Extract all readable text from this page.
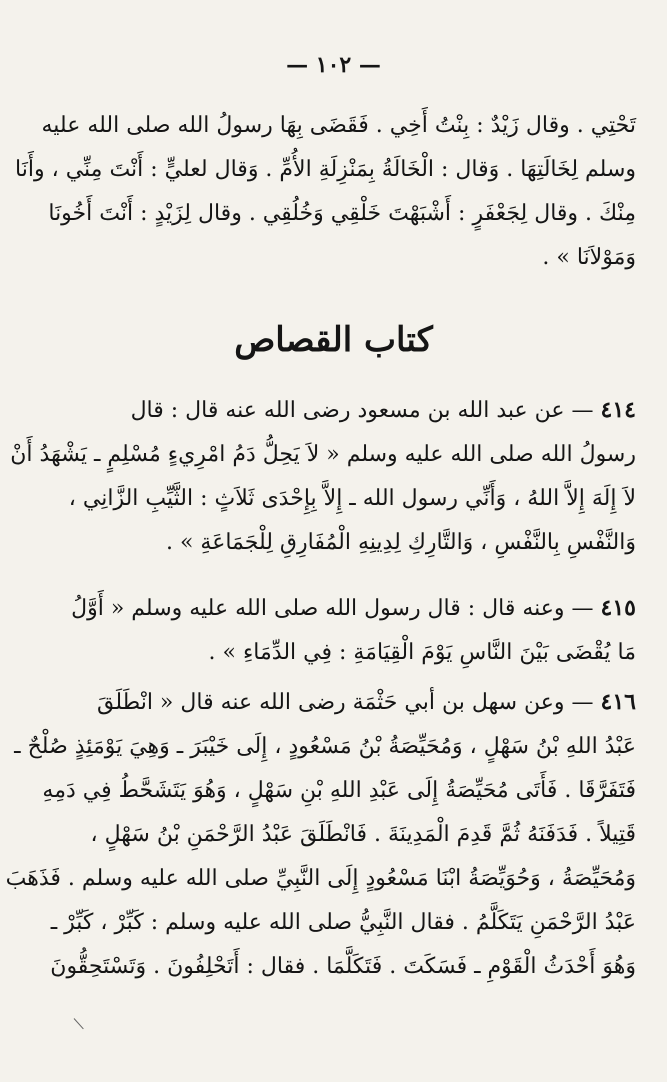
— ١٠٢ —
تَحْتِي . وقال زَيْدٌ : بِنْتُ أَخِي . فَقَضَى بِهَا رسولُ الله صلى الله عليه
وسلم لِخَالَتِهَا . وَقال : الْخَالَةُ بِمَنْزِلَةِ الأُمِّ . وَقال لعليٍّ : أَنْتَ مِنِّي ، وأَنَا
مِنْكَ . وقال لِجَعْفَرٍ : أَشْبَهْتَ خَلْقِي وَخُلُقِي . وقال لِزَيْدٍ : أَنْتَ أَخُونَا
وَمَوْلاَنَا » .
كتاب القصاص
٤١٤ — عن عبد الله بن مسعود رضى الله عنه قال : قال
رسولُ الله صلى الله عليه وسلم « لاَ يَحِلُّ دَمُ امْرِيءٍ مُسْلِمٍ ـ يَشْهَدُ أَنْ
لاَ إِلَهَ إِلاَّ اللهُ ، وَأَنِّي رسول الله ـ إِلاَّ بِإِحْدَى ثَلاَثٍ : الثَّيِّبِ الزَّانِي ،
وَالنَّفْسِ بِالنَّفْسِ ، وَالتَّارِكِ لِدِينِهِ الْمُفَارِقِ لِلْجَمَاعَةِ » .
٤١٥ — وعنه قال : قال رسول الله صلى الله عليه وسلم « أَوَّلُ
مَا يُقْضَى بَيْنَ النَّاسِ يَوْمَ الْقِيَامَةِ : فِي الدِّمَاءِ » .
٤١٦ — وعن سهل بن أبي حَثْمَة رضى الله عنه قال « انْطَلَقَ
عَبْدُ اللهِ بْنُ سَهْلٍ ، وَمُحَيِّصَةُ بْنُ مَسْعُودٍ ، إِلَى خَيْبَرَ ـ وَهِيَ يَوْمَئِذٍ صُلْحٌ ـ
فَتَفَرَّقَا . فَأَتَى مُحَيِّصَةُ إِلَى عَبْدِ اللهِ بْنِ سَهْلٍ ، وَهُوَ يَتَشَحَّطُ فِي دَمِهِ
قَتِيلاً . فَدَفَنَهُ ثُمَّ قَدِمَ الْمَدِينَةَ . فَانْطَلَقَ عَبْدُ الرَّحْمَنِ بْنُ سَهْلٍ ،
وَمُحَيِّصَةُ ، وَحُوَيِّصَةُ ابْنَا مَسْعُودٍ إِلَى النَّبِيِّ صلى الله عليه وسلم . فَذَهَبَ
عَبْدُ الرَّحْمَنِ يَتَكَلَّمُ . فقال النَّبِيُّ صلى الله عليه وسلم : كَبِّرْ ، كَبِّرْ ـ
وَهُوَ أَحْدَثُ الْقَوْمِ ـ فَسَكَتَ . فَتَكَلَّمَا . فقال : أَتَحْلِفُونَ . وَتَسْتَحِقُّونَ
